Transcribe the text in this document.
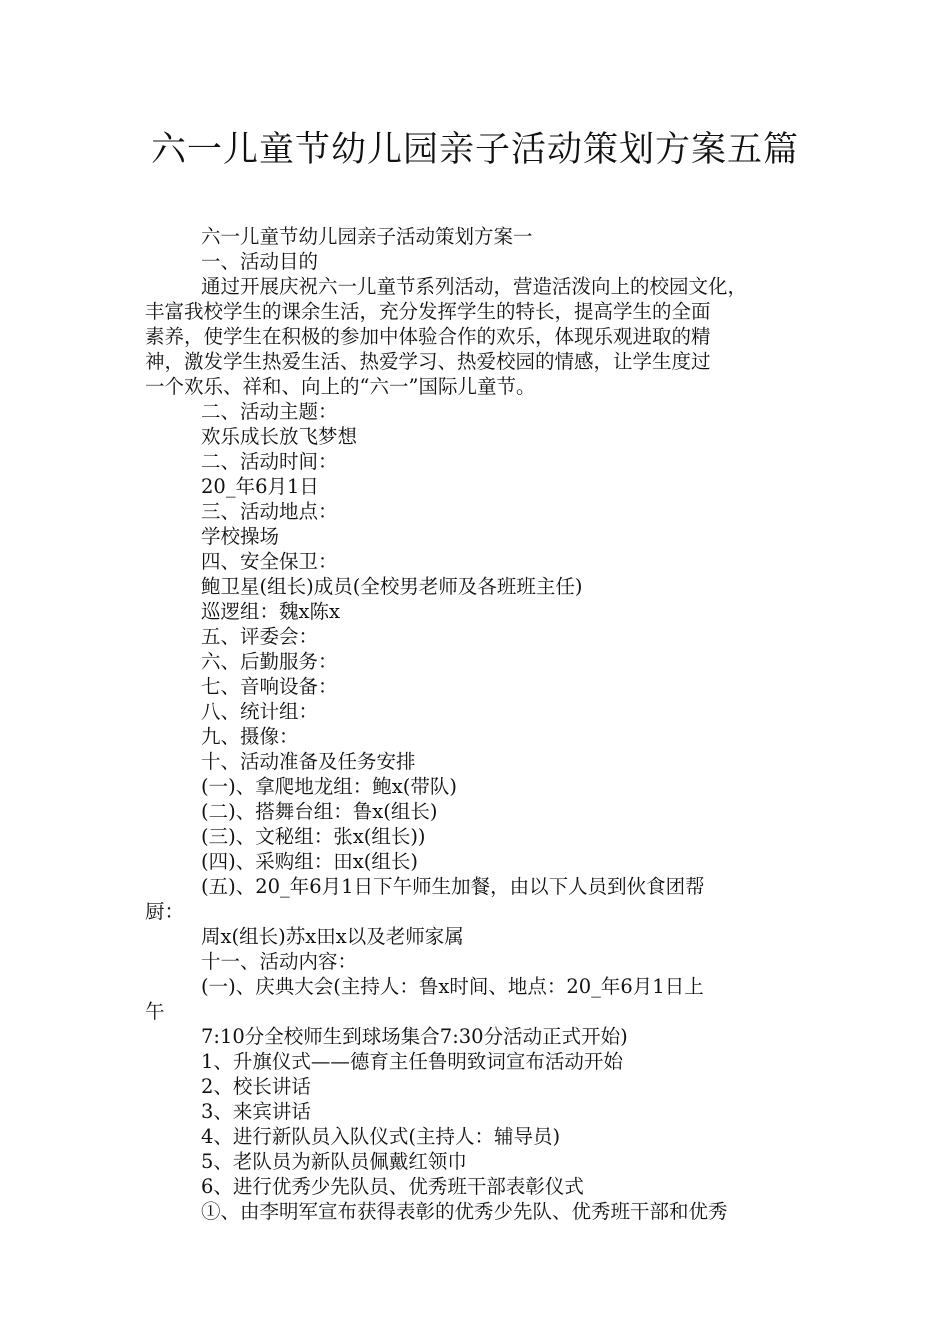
六一儿童节幼儿园亲子活动策划方案五篇
六一儿童节幼儿园亲子活动策划方案一
一、活动目的
通过开展庆祝六一儿童节系列活动，营造活泼向上的校园文化，
丰富我校学生的课余生活，充分发挥学生的特长，提高学生的全面
素养，使学生在积极的参加中体验合作的欢乐，体现乐观进取的精
神，激发学生热爱生活、热爱学习、热爱校园的情感，让学生度过
一个欢乐、祥和、向上的“六一”国际儿童节。
二、活动主题：
欢乐成长放飞梦想
二、活动时间：
20_年6月1日
三、活动地点：
学校操场
四、安全保卫：
鲍卫星(组长)成员(全校男老师及各班班主任)
巡逻组：魏x陈x
五、评委会：
六、后勤服务：
七、音响设备：
八、统计组：
九、摄像：
十、活动准备及任务安排
(一)、拿爬地龙组：鲍x(带队)
(二)、搭舞台组：鲁x(组长)
(三)、文秘组：张x(组长))
(四)、采购组：田x(组长)
(五)、20_年6月1日下午师生加餐，由以下人员到伙食团帮
厨：
周x(组长)苏x田x以及老师家属
十一、活动内容：
(一)、庆典大会(主持人：鲁x时间、地点：20_年6月1日上
午
7:10分全校师生到球场集合7:30分活动正式开始)
1、升旗仪式——德育主任鲁明致词宣布活动开始
2、校长讲话
3、来宾讲话
4、进行新队员入队仪式(主持人：辅导员)
5、老队员为新队员佩戴红领巾
6、进行优秀少先队员、优秀班干部表彰仪式
①、由李明军宣布获得表彰的优秀少先队、优秀班干部和优秀
